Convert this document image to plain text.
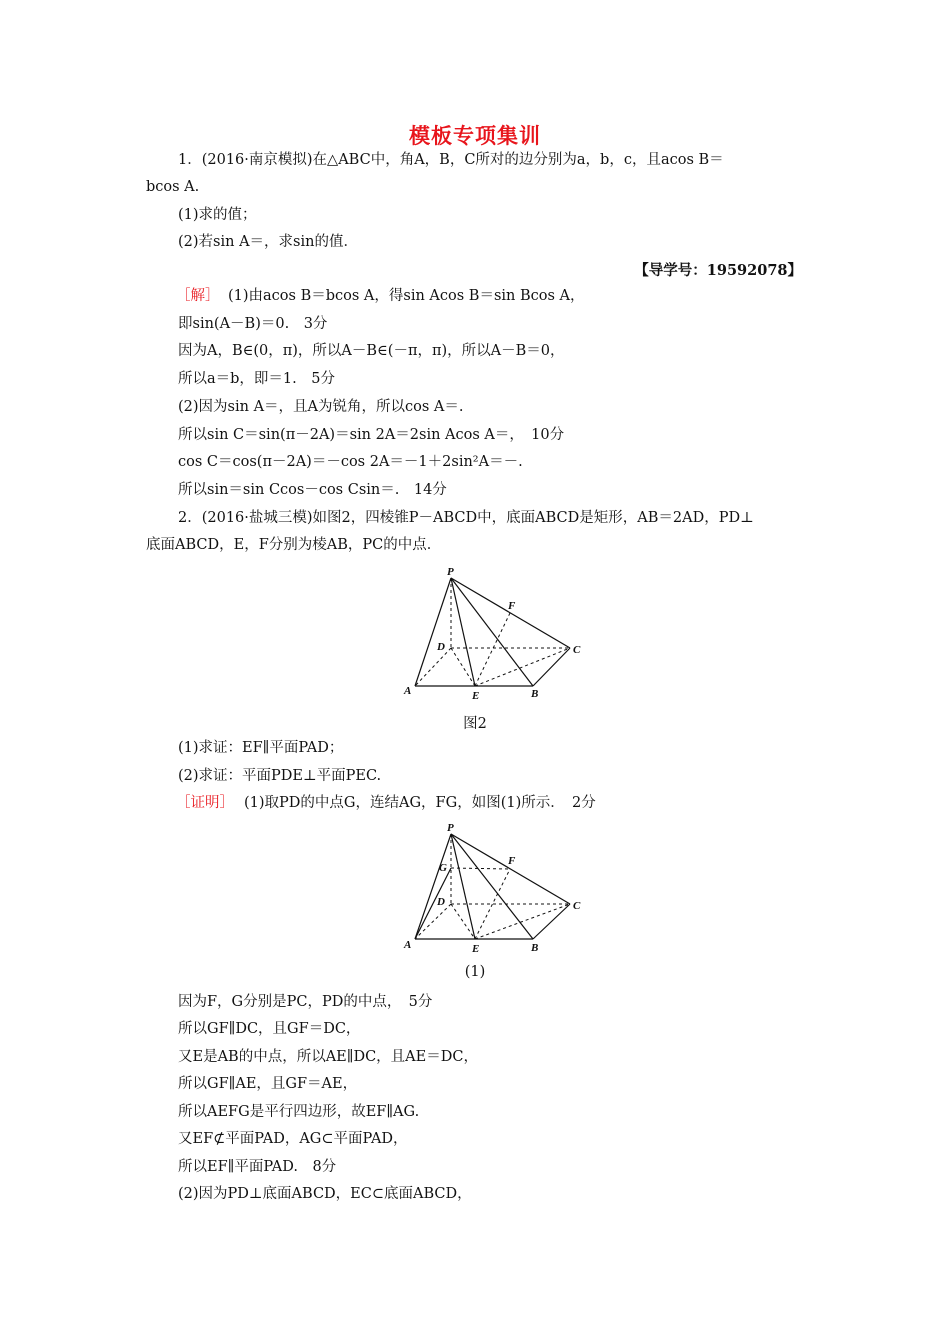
模板专项集训
1．(2016·南京模拟)在△ABC中，角A，B，C所对的边分别为a，b，c，且acos B＝
bcos A.
(1)求的值；
(2)若sin A＝，求sin的值．
【导学号：19592078】
［解］ (1)由acos B＝bcos A，得sin Acos B＝sin Bcos A，
即sin(A－B)＝0.　3分
因为A，B∈(0，π)，所以A－B∈(－π，π)，所以A－B＝0，
所以a＝b，即＝1.　5分
(2)因为sin A＝，且A为锐角，所以cos A＝.
所以sin C＝sin(π－2A)＝sin 2A＝2sin Acos A＝，　10分
cos C＝cos(π－2A)＝－cos 2A＝－1＋2sin²A＝－.
所以sin＝sin Ccos－cos Csin＝.　14分
2．(2016·盐城三模)如图2，四棱锥P－ABCD中，底面ABCD是矩形，AB＝2AD，PD⊥
底面ABCD，E，F分别为棱AB，PC的中点．
P
F
D	C
A	E	B
图2
(1)求证：EF∥平面PAD；
(2)求证：平面PDE⊥平面PEC.
［证明］ (1)取PD的中点G，连结AG，FG，如图(1)所示．　2分
P
F
G
D	C
A	E	B
(1)
因为F，G分别是PC，PD的中点，　5分
所以GF∥DC，且GF＝DC，
又E是AB的中点，所以AE∥DC，且AE＝DC，
所以GF∥AE，且GF＝AE，
所以AEFG是平行四边形，故EF∥AG.
又EF⊄平面PAD，AG⊂平面PAD，
所以EF∥平面PAD.　8分
(2)因为PD⊥底面ABCD，EC⊂底面ABCD，
